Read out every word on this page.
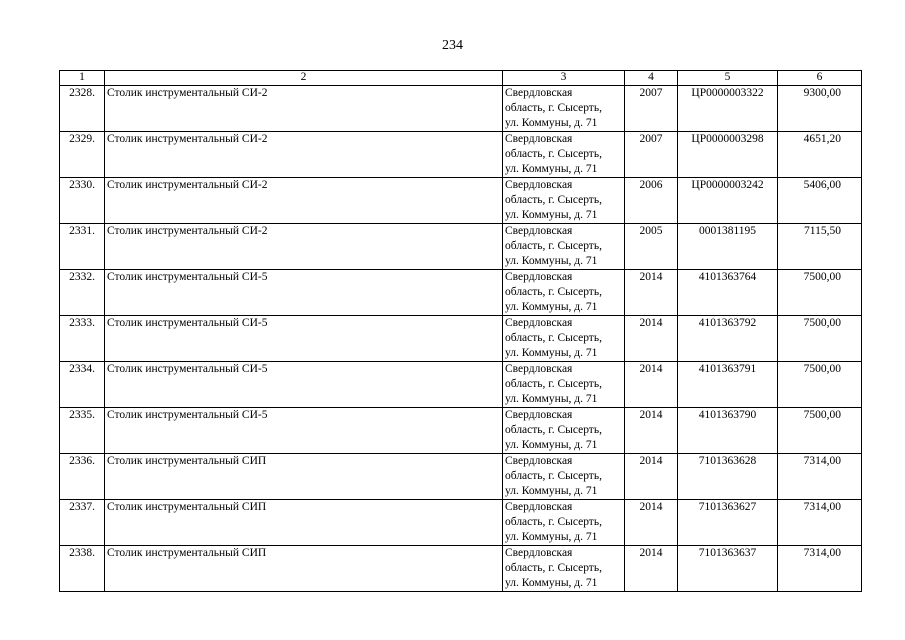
234
1	2	3	4	5	6
2328.	Столик инструментальный СИ-2	Свердловская
область, г. Сысерть,
ул. Коммуны, д. 71	2007	ЦР0000003322	9300,00
2329.	Столик инструментальный СИ-2	Свердловская
область, г. Сысерть,
ул. Коммуны, д. 71	2007	ЦР0000003298	4651,20
2330.	Столик инструментальный СИ-2	Свердловская
область, г. Сысерть,
ул. Коммуны, д. 71	2006	ЦР0000003242	5406,00
2331.	Столик инструментальный СИ-2	Свердловская
область, г. Сысерть,
ул. Коммуны, д. 71	2005	0001381195	7115,50
2332.	Столик инструментальный СИ-5	Свердловская
область, г. Сысерть,
ул. Коммуны, д. 71	2014	4101363764	7500,00
2333.	Столик инструментальный СИ-5	Свердловская
область, г. Сысерть,
ул. Коммуны, д. 71	2014	4101363792	7500,00
2334.	Столик инструментальный СИ-5	Свердловская
область, г. Сысерть,
ул. Коммуны, д. 71	2014	4101363791	7500,00
2335.	Столик инструментальный СИ-5	Свердловская
область, г. Сысерть,
ул. Коммуны, д. 71	2014	4101363790	7500,00
2336.	Столик инструментальный СИП	Свердловская
область, г. Сысерть,
ул. Коммуны, д. 71	2014	7101363628	7314,00
2337.	Столик инструментальный СИП	Свердловская
область, г. Сысерть,
ул. Коммуны, д. 71	2014	7101363627	7314,00
2338.	Столик инструментальный СИП	Свердловская
область, г. Сысерть,
ул. Коммуны, д. 71	2014	7101363637	7314,00
